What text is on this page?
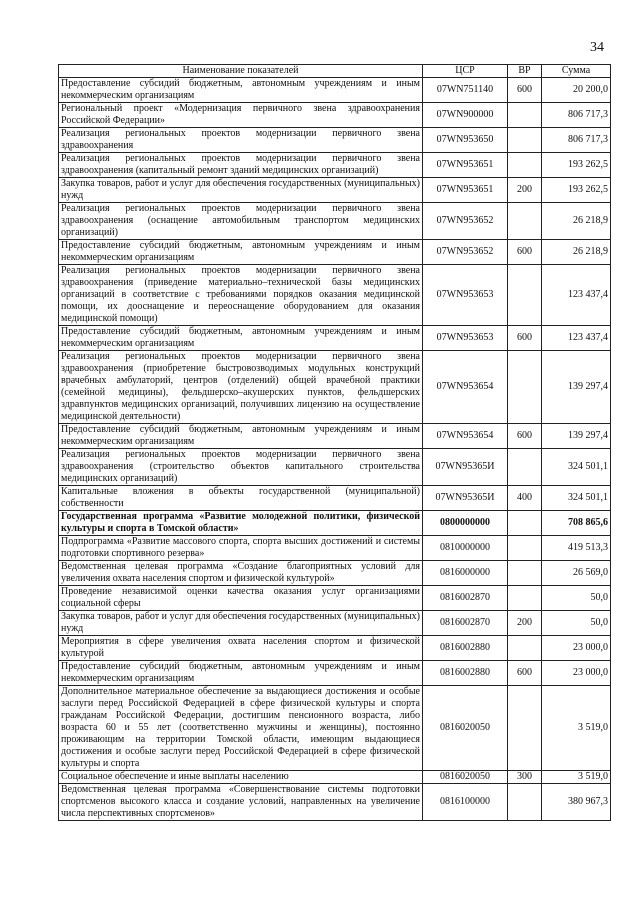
34
Наименование показателей	ЦСР	ВР	Сумма
Предоставление субсидий бюджетным, автономным учреждениям и иным некоммерческим организациям	07WN751140	600	20 200,0
Региональный проект «Модернизация первичного звена здравоохранения Российской Федерации»	07WN900000		806 717,3
Реализация региональных проектов модернизации первичного звена здравоохранения	07WN953650		806 717,3
Реализация региональных проектов модернизации первичного звена здравоохранения (капитальный ремонт зданий медицинских организаций)	07WN953651		193 262,5
Закупка товаров, работ и услуг для обеспечения государственных (муниципальных) нужд	07WN953651	200	193 262,5
Реализация региональных проектов модернизации первичного звена здравоохранения (оснащение автомобильным транспортом медицинских организаций)	07WN953652		26 218,9
Предоставление субсидий бюджетным, автономным учреждениям и иным некоммерческим организациям	07WN953652	600	26 218,9
Реализация региональных проектов модернизации первичного звена здравоохранения (приведение материально–технической базы медицинских организаций в соответствие с требованиями порядков оказания медицинской помощи, их дооснащение и переоснащение оборудованием для оказания медицинской помощи)	07WN953653		123 437,4
Предоставление субсидий бюджетным, автономным учреждениям и иным некоммерческим организациям	07WN953653	600	123 437,4
Реализация региональных проектов модернизации первичного звена здравоохранения (приобретение быстровозводимых модульных конструкций врачебных амбулаторий, центров (отделений) общей врачебной практики (семейной медицины), фельдшерско–акушерских пунктов, фельдшерских здравпунктов медицинских организаций, получивших лицензию на осуществление медицинской деятельности)	07WN953654		139 297,4
Предоставление субсидий бюджетным, автономным учреждениям и иным некоммерческим организациям	07WN953654	600	139 297,4
Реализация региональных проектов модернизации первичного звена здравоохранения (строительство объектов капитального строительства медицинских организаций)	07WN95365И		324 501,1
Капитальные вложения в объекты государственной (муниципальной) собственности	07WN95365И	400	324 501,1
Государственная программа «Развитие молодежной политики, физической культуры и спорта в Томской области»	0800000000		708 865,6
Подпрограмма «Развитие массового спорта, спорта высших достижений и системы подготовки спортивного резерва»	0810000000		419 513,3
Ведомственная целевая программа «Создание благоприятных условий для увеличения охвата населения спортом и физической культурой»	0816000000		26 569,0
Проведение независимой оценки качества оказания услуг организациями социальной сферы	0816002870		50,0
Закупка товаров, работ и услуг для обеспечения государственных (муниципальных) нужд	0816002870	200	50,0
Мероприятия в сфере увеличения охвата населения спортом и физической культурой	0816002880		23 000,0
Предоставление субсидий бюджетным, автономным учреждениям и иным некоммерческим организациям	0816002880	600	23 000,0
Дополнительное материальное обеспечение за выдающиеся достижения и особые заслуги перед Российской Федерацией в сфере физической культуры и спорта гражданам Российской Федерации, достигшим пенсионного возраста, либо возраста 60 и 55 лет (соответственно мужчины и женщины), постоянно проживающим на территории Томской области, имеющим выдающиеся достижения и особые заслуги перед Российской Федерацией в сфере физической культуры и спорта	0816020050		3 519,0
Социальное обеспечение и иные выплаты населению	0816020050	300	3 519,0
Ведомственная целевая программа «Совершенствование системы подготовки спортсменов высокого класса и создание условий, направленных на увеличение числа перспективных спортсменов»	0816100000		380 967,3
